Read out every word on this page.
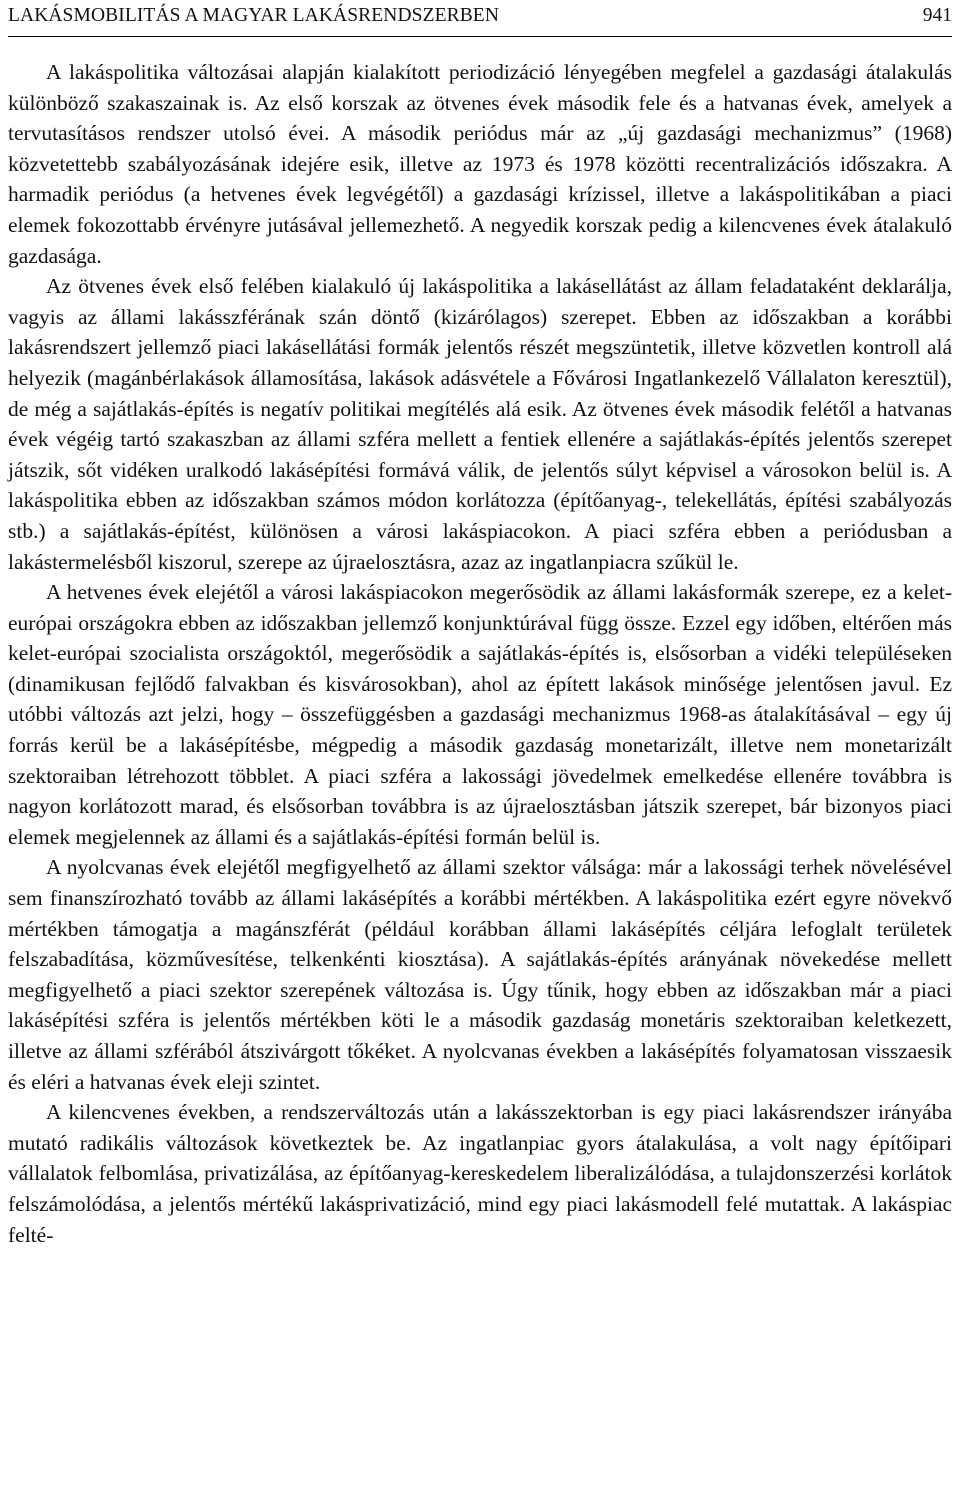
LAKÁSMOBILITÁS A MAGYAR LAKÁSRENDSZERBEN	941

A lakáspolitika változásai alapján kialakított periodizáció lényegében megfelel a gazdasági átalakulás különböző szakaszainak is. Az első korszak az ötvenes évek második fele és a hatvanas évek, amelyek a tervutasításos rendszer utolsó évei. A második periódus már az „új gazdasági mechanizmus” (1968) közvetettebb szabályozásának idejére esik, illetve az 1973 és 1978 közötti recentralizációs időszakra. A harmadik periódus (a hetvenes évek legvégétől) a gazdasági krízissel, illetve a lakáspolitikában a piaci elemek fokozottabb érvényre jutásával jellemezhető. A negyedik korszak pedig a kilencvenes évek átalakuló gazdasága.

Az ötvenes évek első felében kialakuló új lakáspolitika a lakásellátást az állam feladataként deklarálja, vagyis az állami lakásszférának szán döntő (kizárólagos) szerepet. Ebben az időszakban a korábbi lakásrendszert jellemző piaci lakásellátási formák jelentős részét megszüntetik, illetve közvetlen kontroll alá helyezik (magánbérlakások államosítása, lakások adásvétele a Fővárosi Ingatlankezelő Vállalaton keresztül), de még a sajátlakás-építés is negatív politikai megítélés alá esik. Az ötvenes évek második felétől a hatvanas évek végéig tartó szakaszban az állami szféra mellett a fentiek ellenére a sajátlakás-építés jelentős szerepet játszik, sőt vidéken uralkodó lakásépítési formává válik, de jelentős súlyt képvisel a városokon belül is. A lakáspolitika ebben az időszakban számos módon korlátozza (építőanyag-, telekellátás, építési szabályozás stb.) a sajátlakás-építést, különösen a városi lakáspiacokon. A piaci szféra ebben a periódusban a lakástermelésből kiszorul, szerepe az újraelosztásra, azaz az ingatlanpiacra szűkül le.

A hetvenes évek elejétől a városi lakáspiacokon megerősödik az állami lakásformák szerepe, ez a kelet-európai országokra ebben az időszakban jellemző konjunktúrával függ össze. Ezzel egy időben, eltérően más kelet-európai szocialista országoktól, megerősödik a sajátlakás-építés is, elsősorban a vidéki településeken (dinamikusan fejlődő falvakban és kisvárosokban), ahol az épített lakások minősége jelentősen javul. Ez utóbbi változás azt jelzi, hogy – összefüggésben a gazdasági mechanizmus 1968-as átalakításával – egy új forrás kerül be a lakásépítésbe, mégpedig a második gazdaság monetarizált, illetve nem monetarizált szektoraiban létrehozott többlet. A piaci szféra a lakossági jövedelmek emelkedése ellenére továbbra is nagyon korlátozott marad, és elsősorban továbbra is az újraelosztásban játszik szerepet, bár bizonyos piaci elemek megjelennek az állami és a sajátlakás-építési formán belül is.

A nyolcvanas évek elejétől megfigyelhető az állami szektor válsága: már a lakossági terhek növelésével sem finanszírozható tovább az állami lakásépítés a korábbi mértékben. A lakáspolitika ezért egyre növekvő mértékben támogatja a magánszférát (például korábban állami lakásépítés céljára lefoglalt területek felszabadítása, közművesítése, telkenkénti kiosztása). A sajátlakás-építés arányának növekedése mellett megfigyelhető a piaci szektor szerepének változása is. Úgy tűnik, hogy ebben az időszakban már a piaci lakásépítési szféra is jelentős mértékben köti le a második gazdaság monetáris szektoraiban keletkezett, illetve az állami szférából átszivárgott tőkéket. A nyolcvanas években a lakásépítés folyamatosan visszaesik és eléri a hatvanas évek eleji szintet.

A kilencvenes években, a rendszerváltozás után a lakásszektorban is egy piaci lakásrendszer irányába mutató radikális változások következtek be. Az ingatlanpiac gyors átalakulása, a volt nagy építőipari vállalatok felbomlása, privatizálása, az építőanyag-kereskedelem liberalizálódása, a tulajdonszerzési korlátok felszámolódása, a jelentős mértékű lakásprivatizáció, mind egy piaci lakásmodell felé mutattak. A lakáspiac felté-
